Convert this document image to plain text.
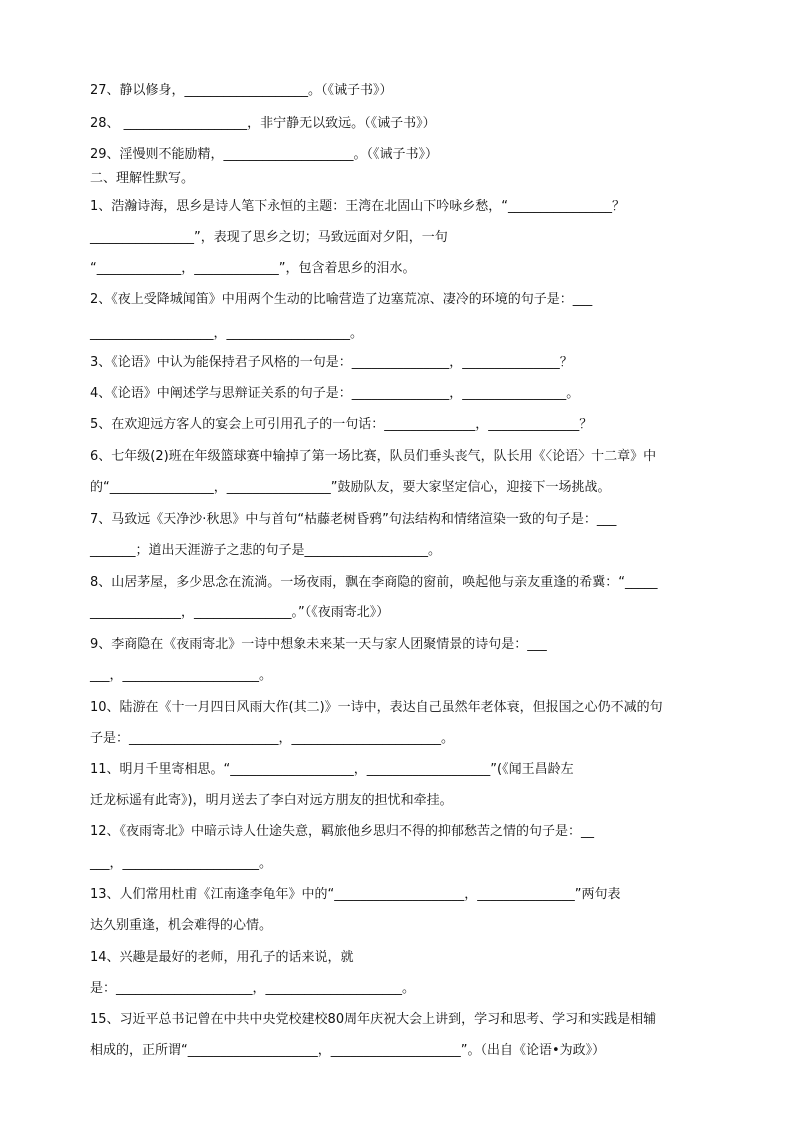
27、静以修身，___________________。（《诫子书》）
28、 ___________________，非宁静无以致远。（《诫子书》）
29、淫慢则不能励精，____________________。（《诫子书》）
二、理解性默写。
1、浩瀚诗海，思乡是诗人笔下永恒的主题：王湾在北固山下吟咏乡愁，“________________？
________________”，表现了思乡之切；马致远面对夕阳，一句
“_____________，_____________”，包含着思乡的泪水。
2、《夜上受降城闻笛》中用两个生动的比喻营造了边塞荒凉、凄冷的环境的句子是：___
___________________，___________________。
3、《论语》中认为能保持君子风格的一句是：_______________，_______________？
4、《论语》中阐述学与思辩证关系的句子是：_______________，________________。
5、在欢迎远方客人的宴会上可引用孔子的一句话：______________，______________？
6、七年级(2)班在年级篮球赛中输掉了第一场比赛，队员们垂头丧气，队长用《〈论语〉十二章》中
的“________________，________________”鼓励队友，要大家坚定信心，迎接下一场挑战。
7、马致远《天净沙·秋思》中与首句“枯藤老树昏鸦”句法结构和情绪渲染一致的句子是：___
_______；道出天涯游子之悲的句子是___________________。
8、山居茅屋，多少思念在流淌。一场夜雨，飘在李商隐的窗前，唤起他与亲友重逢的希冀：“_____
______________，_______________。”（《夜雨寄北》）
9、李商隐在《夜雨寄北》一诗中想象未来某一天与家人团聚情景的诗句是：___
___，_____________________。
10、陆游在《十一月四日风雨大作(其二)》一诗中，表达自己虽然年老体衰，但报国之心仍不减的句
子是：_______________________，_______________________。
11、明月千里寄相思。“___________________，___________________”(《闻王昌龄左
迁龙标遥有此寄》)，明月送去了李白对远方朋友的担忧和牵挂。
12、《夜雨寄北》中暗示诗人仕途失意，羁旅他乡思归不得的抑郁愁苦之情的句子是：__
___，_____________________。
13、人们常用杜甫《江南逢李龟年》中的“____________________，_______________”两句表
达久别重逢，机会难得的心情。
14、兴趣是最好的老师，用孔子的话来说，就
是：_____________________，_____________________。
15、习近平总书记曾在中共中央党校建校80周年庆祝大会上讲到，学习和思考、学习和实践是相辅
相成的，正所谓“____________________，____________________”。（出自《论语•为政》）
